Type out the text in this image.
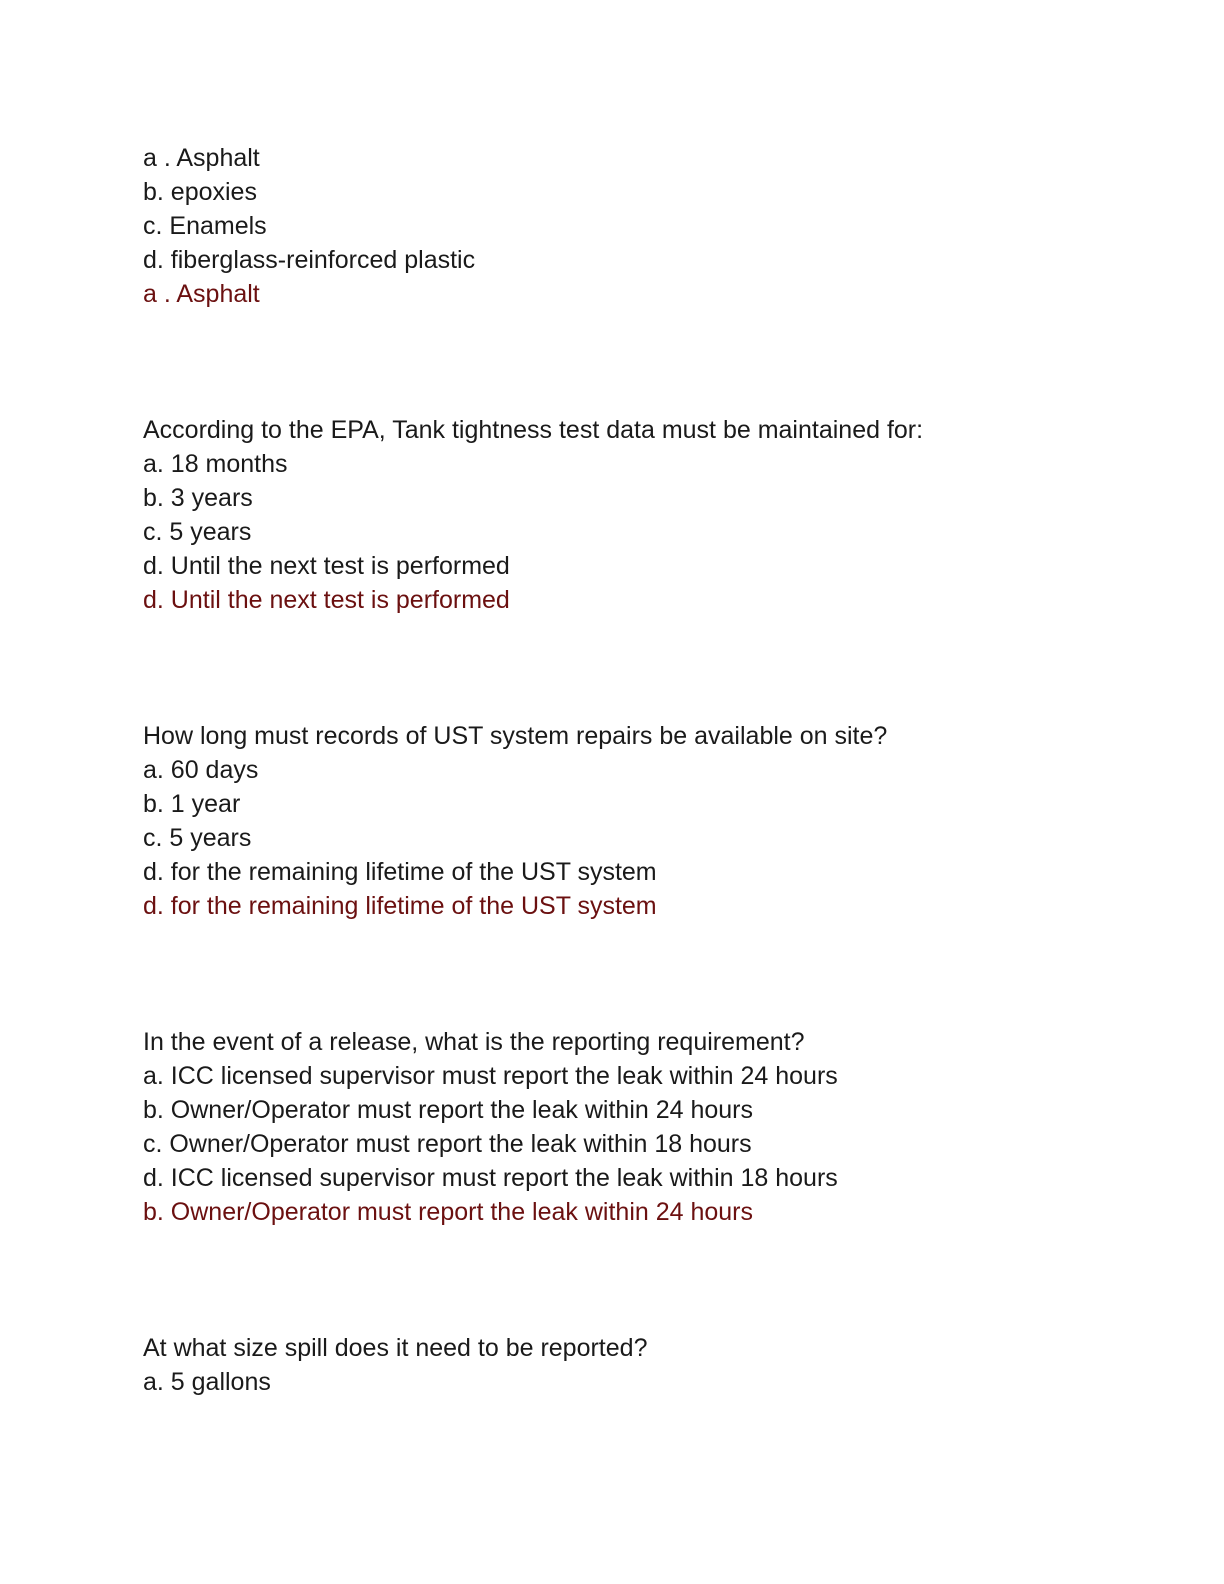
a . Asphalt
b. epoxies
c. Enamels
d. fiberglass-reinforced plastic
a . Asphalt
According to the EPA, Tank tightness test data must be maintained for:
a. 18 months
b. 3 years
c. 5 years
d. Until the next test is performed
d. Until the next test is performed
How long must records of UST system repairs be available on site?
a. 60 days
b. 1 year
c. 5 years
d. for the remaining lifetime of the UST system
d. for the remaining lifetime of the UST system
In the event of a release, what is the reporting requirement?
a. ICC licensed supervisor must report the leak within 24 hours
b. Owner/Operator must report the leak within 24 hours
c. Owner/Operator must report the leak within 18 hours
d. ICC licensed supervisor must report the leak within 18 hours
b. Owner/Operator must report the leak within 24 hours
At what size spill does it need to be reported?
a. 5 gallons
